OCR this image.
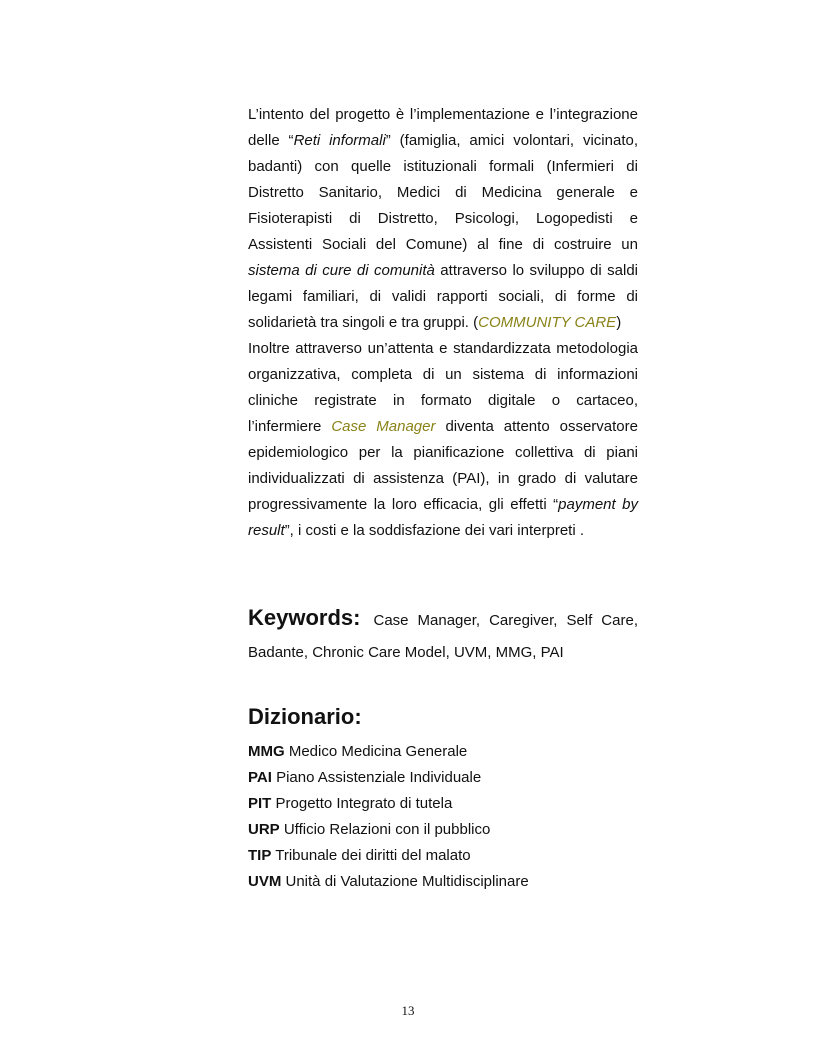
L’intento del progetto è l’implementazione e l’integrazione delle “Reti informali” (famiglia, amici volontari, vicinato, badanti) con quelle istituzionali formali (Infermieri di Distretto Sanitario, Medici di Medicina generale e Fisioterapisti di Distretto, Psicologi, Logopedisti e Assistenti Sociali del Comune) al fine di costruire un sistema di cure di comunità attraverso lo sviluppo di saldi legami familiari, di validi rapporti sociali, di forme di solidarietà tra singoli e tra gruppi. (COMMUNITY CARE)

Inoltre attraverso un’attenta e standardizzata metodologia organizzativa, completa di un sistema di informazioni cliniche registrate in formato digitale o cartaceo, l’infermiere Case Manager diventa attento osservatore epidemiologico per la pianificazione collettiva di piani individualizzati di assistenza (PAI), in grado di valutare progressivamente la loro efficacia, gli effetti “payment by result”, i costi e la soddisfazione dei vari interpreti .

Keywords: Case Manager, Caregiver, Self Care, Badante, Chronic Care Model, UVM, MMG, PAI
Dizionario:
MMG Medico Medicina Generale
PAI Piano Assistenziale Individuale
PIT Progetto Integrato di tutela
URP Ufficio Relazioni con il pubblico
TIP Tribunale dei diritti del malato
UVM Unità di Valutazione Multidisciplinare
13
